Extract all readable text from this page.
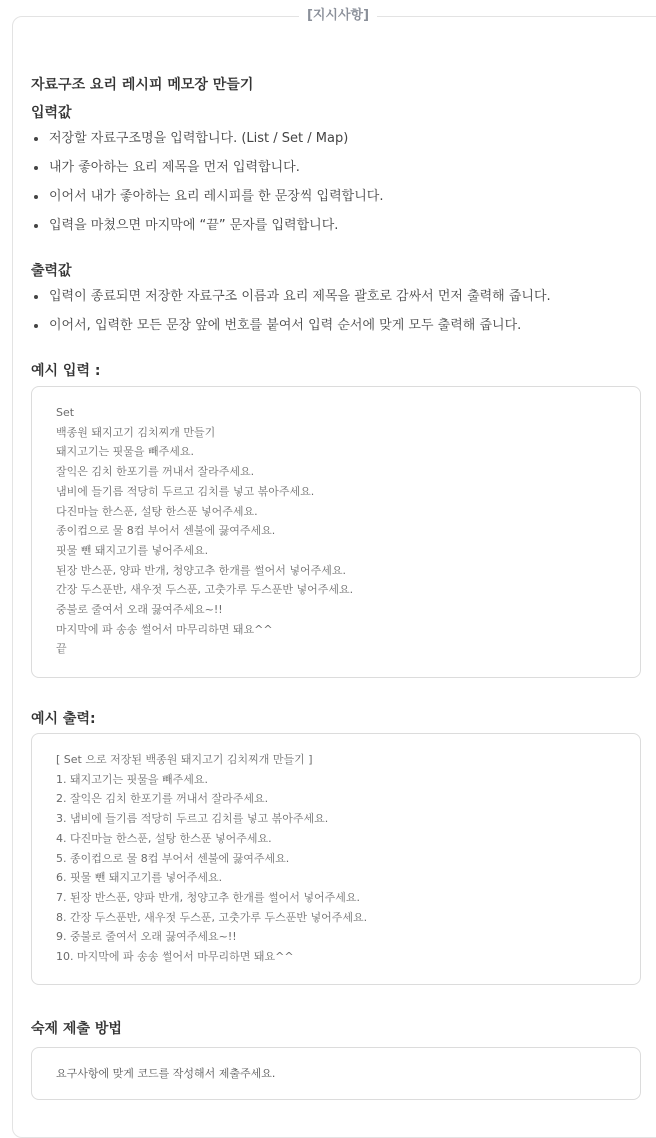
[지시사항]
자료구조 요리 레시피 메모장 만들기
입력값
저장할 자료구조명을 입력합니다. (List / Set / Map)
내가 좋아하는 요리 제목을 먼저 입력합니다.
이어서 내가 좋아하는 요리 레시피를 한 문장씩 입력합니다.
입력을 마쳤으면 마지막에 “끝” 문자를 입력합니다.
출력값
입력이 종료되면 저장한 자료구조 이름과 요리 제목을 괄호로 감싸서 먼저 출력해 줍니다.
이어서, 입력한 모든 문장 앞에 번호를 붙여서 입력 순서에 맞게 모두 출력해 줍니다.
예시 입력 :
Set
백종원 돼지고기 김치찌개 만들기
돼지고기는 핏물을 빼주세요.
잘익은 김치 한포기를 꺼내서 잘라주세요.
냄비에 들기름 적당히 두르고 김치를 넣고 볶아주세요.
다진마늘 한스푼, 설탕 한스푼 넣어주세요.
종이컵으로 물 8컵 부어서 센불에 끓여주세요.
핏물 뺀 돼지고기를 넣어주세요.
된장 반스푼, 양파 반개, 청양고추 한개를 썰어서 넣어주세요.
간장 두스푼반, 새우젓 두스푼, 고춧가루 두스푼반 넣어주세요.
중불로 줄여서 오래 끓여주세요~!!
마지막에 파 송송 썰어서 마무리하면 돼요^^
끝
예시 출력:
[ Set 으로 저장된 백종원 돼지고기 김치찌개 만들기 ]
1. 돼지고기는 핏물을 빼주세요.
2. 잘익은 김치 한포기를 꺼내서 잘라주세요.
3. 냄비에 들기름 적당히 두르고 김치를 넣고 볶아주세요.
4. 다진마늘 한스푼, 설탕 한스푼 넣어주세요.
5. 종이컵으로 물 8컵 부어서 센불에 끓여주세요.
6. 핏물 뺀 돼지고기를 넣어주세요.
7. 된장 반스푼, 양파 반개, 청양고추 한개를 썰어서 넣어주세요.
8. 간장 두스푼반, 새우젓 두스푼, 고춧가루 두스푼반 넣어주세요.
9. 중불로 줄여서 오래 끓여주세요~!!
10. 마지막에 파 송송 썰어서 마무리하면 돼요^^
숙제 제출 방법
요구사항에 맞게 코드를 작성해서 제출주세요.
